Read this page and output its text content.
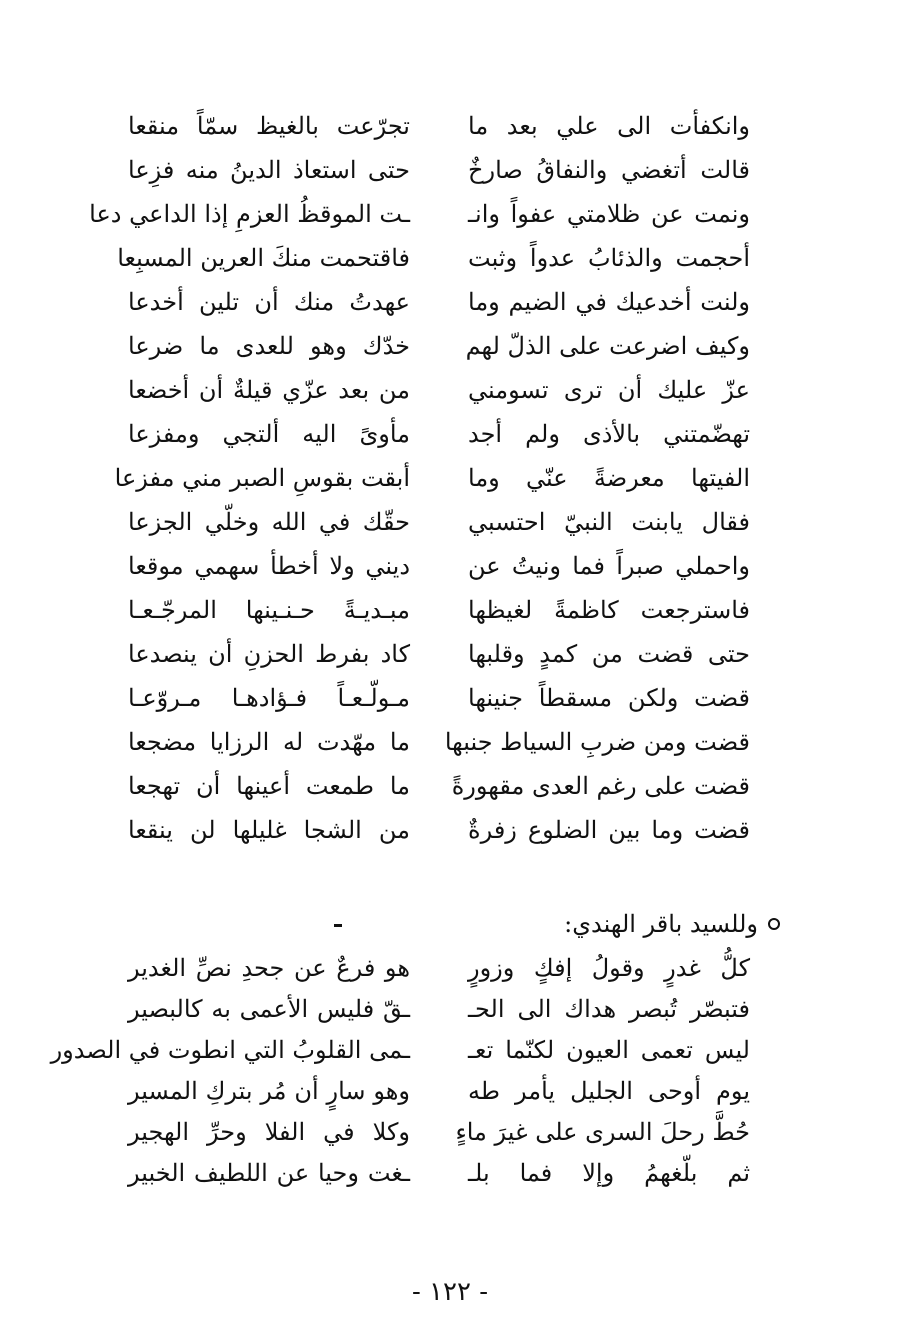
وانكفأت الى علي بعد ما
تجرّعت بالغيظ سمّاً منقعا
قالت أتغضي والنفاقُ صارخٌ
حتى استعاذ الدينُ منه فزِعا
ونمت عن ظلامتي عفواً وانـ
ـت الموقظُ العزمِ إذا الداعي دعا
أحجمت والذئابُ عدواً وثبت
فاقتحمت منكَ العرين المسبِعا
ولنت أخدعيك في الضيم وما
عهدتُ منك أن تلين أخدعا
وكيف اضرعت على الذلّ لهم
خدّك وهو للعدى ما ضرعا
عزّ عليك أن ترى تسومني
من بعد عزّي قيلةٌ أن أخضعا
تهضّمتني بالأذى ولم أجد
مأوىً اليه ألتجي ومفزعا
الفيتها معرضةً عنّي وما
أبقت بقوسِ الصبر مني مفزعا
فقال يابنت النبيّ احتسبي
حقّك في الله وخلّي الجزعا
واحملي صبراً فما ونيتُ عن
ديني ولا أخطأ سهمي موقعا
فاسترجعت كاظمةً لغيظها
مبـديـةً حـنـينها المرجّـعـا
حتى قضت من كمدٍ وقلبها
كاد بفرط الحزنِ أن ينصدعا
قضت ولكن مسقطاً جنينها
مـولّـعـاً فـؤادهـا مـروّعـا
قضت ومن ضربِ السياط جنبها
ما مهّدت له الرزايا مضجعا
قضت على رغم العدى مقهورةً
ما طمعت أعينها أن تهجعا
قضت وما بين الضلوع زفرةٌ
من الشجا غليلها لن ينقعا
وللسيد باقر الهندي:
كلُّ غدرٍ وقولُ إفكٍ وزورٍ
هو فرعٌ عن جحدِ نصِّ الغدير
فتبصّر تُبصر هداك الى الحـ
ـقّ فليس الأعمى به كالبصير
ليس تعمى العيون لكنّما تعـ
ـمى القلوبُ التي انطوت في الصدور
يوم أوحى الجليل يأمر طه
وهو سارٍ أن مُر بتركِ المسير
حُطَّ رحلَ السرى على غيرَ ماءٍ
وكلا في الفلا وحرِّ الهجير
ثم بلّغهمُ وإلا فما بلـ
ـغت وحيا عن اللطيف الخبير
- ١٢٢ -
